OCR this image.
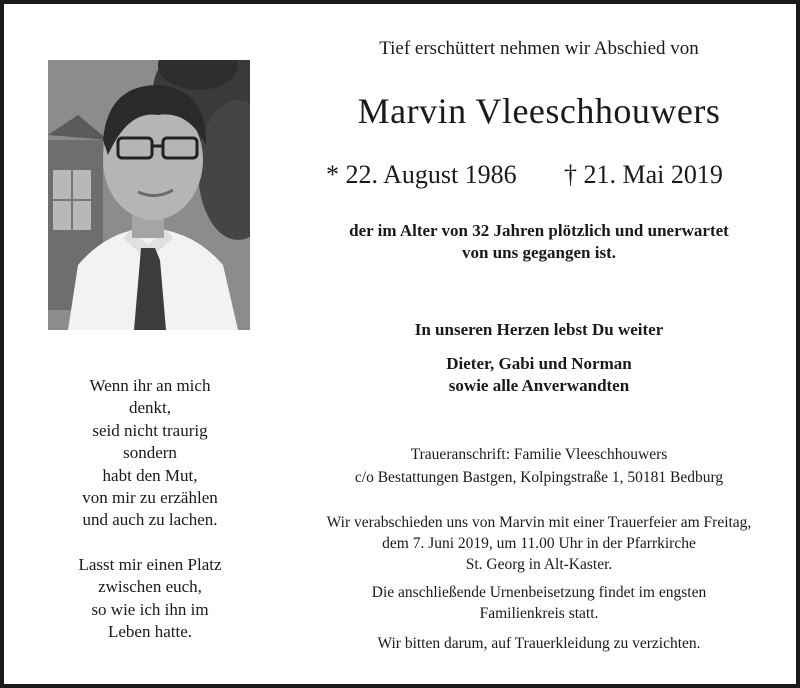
Tief erschüttert nehmen wir Abschied von
Marvin Vleeschhouwers
* 22. August 1986 † 21. Mai 2019
der im Alter von 32 Jahren plötzlich und unerwartet
von uns gegangen ist.
In unseren Herzen lebst Du weiter
Dieter, Gabi und Norman
sowie alle Anverwandten
Traueranschrift: Familie Vleeschhouwers
c/o Bestattungen Bastgen, Kolpingstraße 1, 50181 Bedburg
Wir verabschieden uns von Marvin mit einer Trauerfeier am Freitag,
dem 7. Juni 2019, um 11.00 Uhr in der Pfarrkirche
St. Georg in Alt-Kaster.
Die anschließende Urnenbeisetzung findet im engsten
Familienkreis statt.
Wir bitten darum, auf Trauerkleidung zu verzichten.
Wenn ihr an mich
denkt,
seid nicht traurig
sondern
habt den Mut,
von mir zu erzählen
und auch zu lachen.
Lasst mir einen Platz
zwischen euch,
so wie ich ihn im
Leben hatte.
